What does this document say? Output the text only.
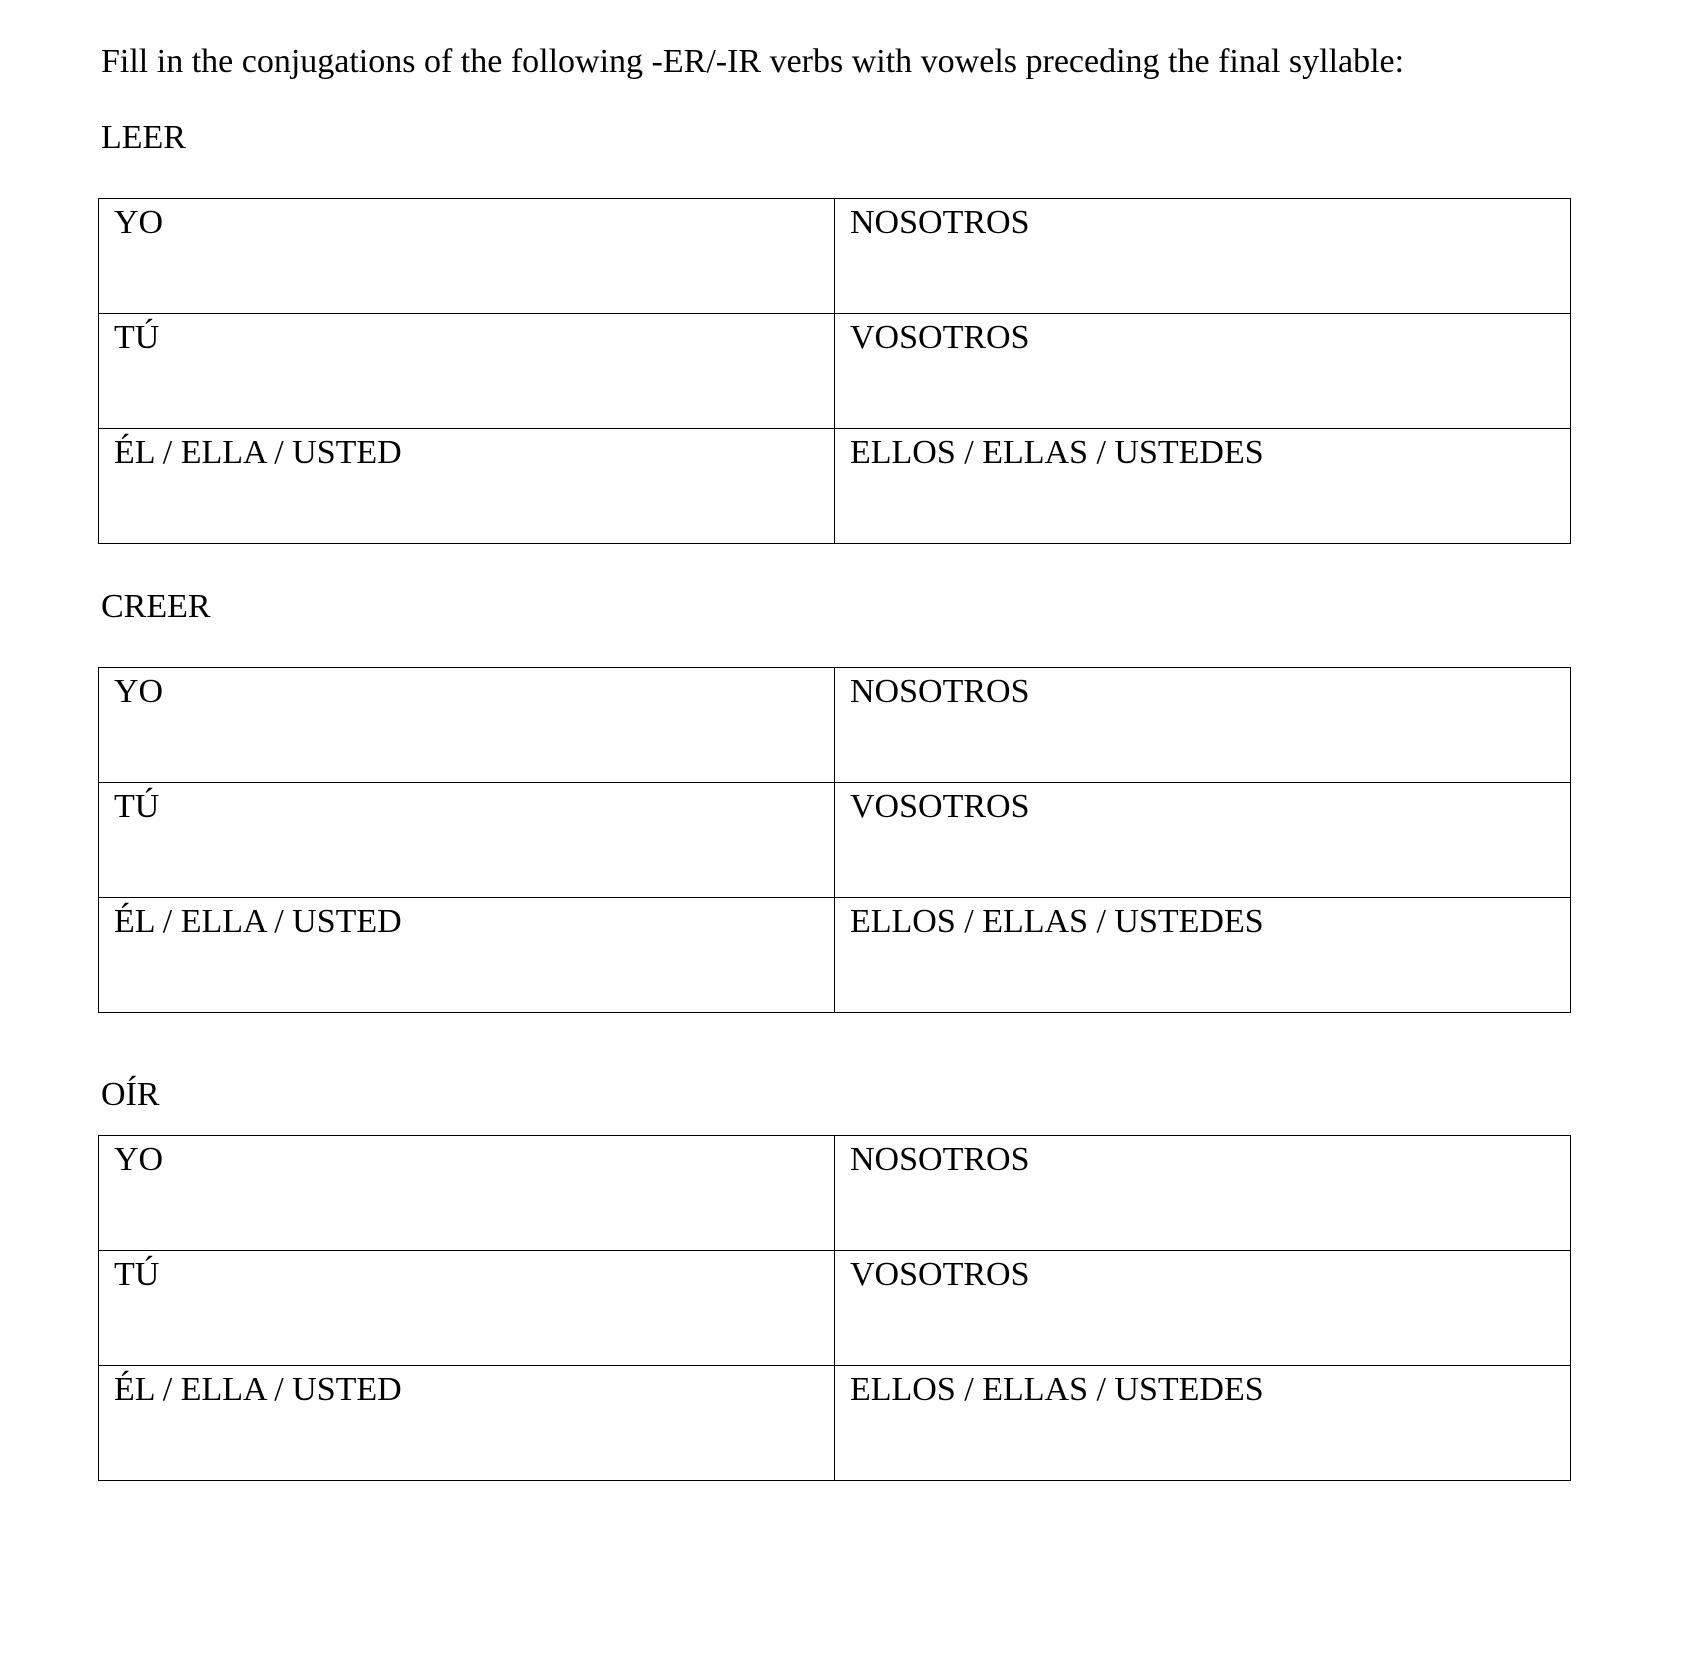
Fill in the conjugations of the following -ER/-IR verbs with vowels preceding the final syllable:

LEER
YO	NOSOTROS

TÚ	VOSOTROS

ÉL / ELLA / USTED	ELLOS / ELLAS / USTEDES
CREER
YO	NOSOTROS

TÚ	VOSOTROS

ÉL / ELLA / USTED	ELLOS / ELLAS / USTEDES
OÍR
YO	NOSOTROS

TÚ	VOSOTROS

ÉL / ELLA / USTED	ELLOS / ELLAS / USTEDES
